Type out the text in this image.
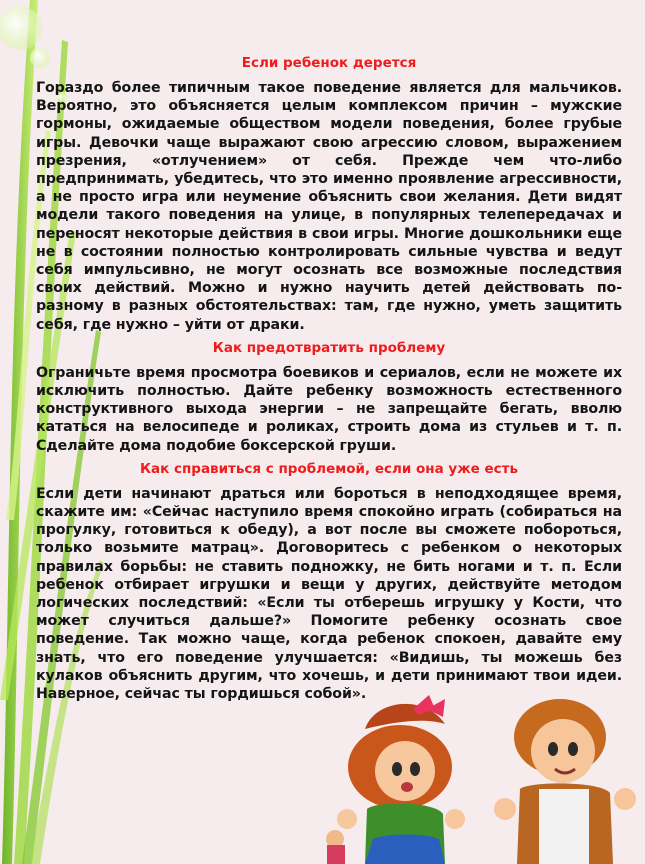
Если ребенок дерется

Гораздо более типичным такое поведение является для мальчиков. Вероятно, это объясняется целым комплексом причин – мужские гормоны, ожидаемые обществом модели поведения, более грубые игры. Девочки чаще выражают свою агрессию словом, выражением презрения, «отлучением» от себя. Прежде чем что-либо предпринимать, убедитесь, что это именно проявление агрессивности, а не просто игра или неумение объяснить свои желания. Дети видят модели такого поведения на улице, в популярных телепередачах и переносят некоторые действия в свои игры. Многие дошкольники еще не в состоянии полностью контролировать сильные чувства и ведут себя импульсивно, не могут осознать все возможные последствия своих действий. Можно и нужно научить детей действовать по-разному в разных обстоятельствах: там, где нужно, уметь защитить себя, где нужно – уйти от драки.

Как предотвратить проблему

Ограничьте время просмотра боевиков и сериалов, если не можете их исключить полностью. Дайте ребенку возможность естественного конструктивного выхода энергии – не запрещайте бегать, вволю кататься на велосипеде и роликах, строить дома из стульев и т. п. Сделайте дома подобие боксерской груши.

Как справиться с проблемой, если она уже есть

Если дети начинают драться или бороться в неподходящее время, скажите им: «Сейчас наступило время спокойно играть (собираться на прогулку, готовиться к обеду), а вот после вы сможете побороться, только возьмите матрац». Договоритесь с ребенком о некоторых правилах борьбы: не ставить подножку, не бить ногами и т. п. Если ребенок отбирает игрушки и вещи у других, действуйте методом логических последствий: «Если ты отберешь игрушку у Кости, что может случиться дальше?» Помогите ребенку осознать свое поведение. Так можно чаще, когда ребенок спокоен, давайте ему знать, что его поведение улучшается: «Видишь, ты можешь без кулаков объяснить другим, что хочешь, и дети принимают твои идеи. Наверное, сейчас ты гордишься собой».
